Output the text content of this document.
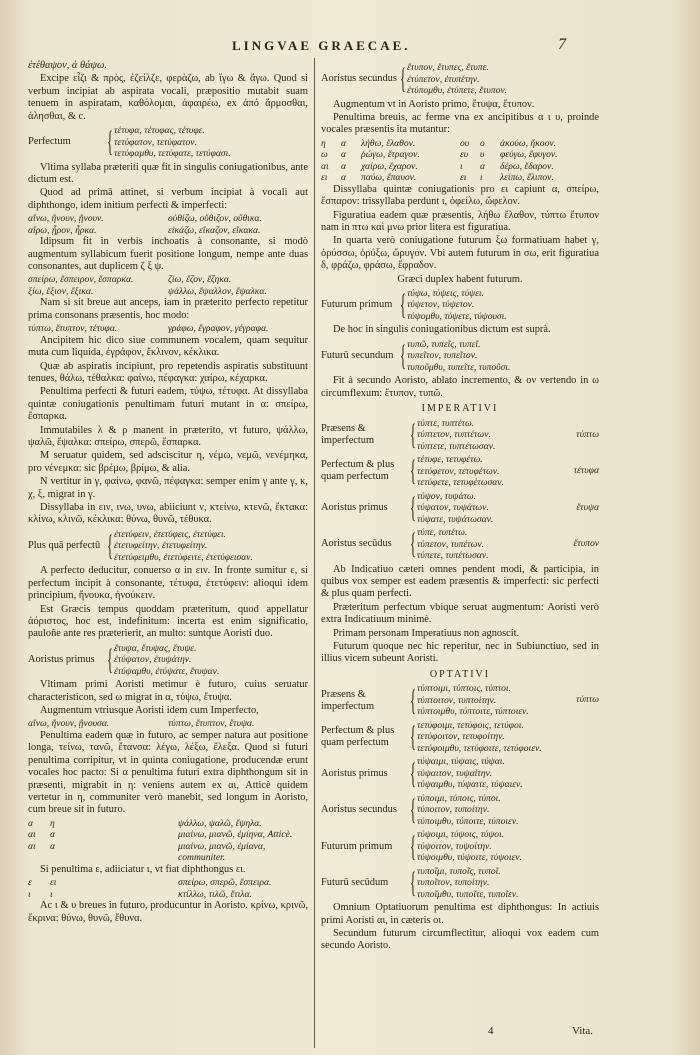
LINGVAE GRAECAE.	7

ἐτέθαψον, ἀ θάψω.

Excipe εἶζι & πρὸς, ἐζείλζε, φερὰζω, ab ἴγω & ἄγω. Quod si verbum incipiat ab aspirata vocali, præpositio mutabit suam tenuem in aspiratam, καθόλομαι, ἀφαιρέω, ex ἀπό ἅρμοσθαι, ἀλησθαι, & c.

Perfectum	{ τέτυφα, τέτυφας, τέτυφε.
τετύφατον, τετύφατον.
τετύφαμθυ, τετύφατε, τετύφασι.

Vltima syllaba præteriti quæ fit in singulis coniugationibus, ante dictum est.

Quod ad primā attinet, si verbum incipiat à vocali aut diphthongo, idem initium perfecti & imperfecti:

αἴνω, ἤνουν, ᾔνουν.	οὐθίζω, οὔθιζον, οὔθικα.
αἴρω, ᾖρον, ἦρκα.	εἰκάζω, εἴκαζον, εἴκακα.

Idipsum fit in verbis inchoatis à consonante, si modò augmentum syllabicum fuerit positione longum, nempe ante duas consonantes, aut duplicem ζ ξ ψ.

σπείρω, ἔσπειρον, ἔσπαρκα.	ζίω, ἔζον, ἔζηκα.
ξίω, ἔξιον, ἔξικα.	ψάλλω, ἔψαλλον, ἔψαλκα.

Nam si sit breue aut anceps, iam in præterito perfecto repetitur prima consonans præsentis, hoc modo:

τύπτω, ἔτυπτον, τέτυφα.	γράφω, ἔγραφον, γέγραφα.

Ancipitem hic dico siue communem vocalem, quam sequitur muta cum liquida, ἐγράφον, ἔκλινον, κέκλικα.

Quæ ab aspiratis incipiunt, pro repetendis aspiratis substituunt tenues, θάλω, τέθαλκα: φαίνω, πέφαγκα: χαίρω, κέχαρκα.

Penultima perfecti & futuri eadem, τύψω, τέτυφα. At dissyllaba quintæ coniugationis penultimam futuri mutant in α: σπείρω, ἔσπαρκα.

Immutabiles λ & ρ manent in præterito, vt futuro, ψάλλω, ψαλῶ, ἔψαλκα: σπείρω, σπερῶ, ἔσπαρκα.

M seruatur quidem, sed adsciscitur η, νέμω, νεμῶ, νενέμηκα, pro νένεμκα: sic βρέμω, βρίμω, & alia.

N vertitur in γ, φαίνω, φανῶ, πέφαγκα: semper enim γ ante γ, κ, χ, ξ, migrat in γ.

Dissyllaba in ειν, ινω, υνω, abiiciunt ν, κτείνω, κτενῶ, ἔκτακα: κλίνω, κλινῶ, κέκλικα: θύνω, θυνῶ, τέθυκα.

Plus quā perfectū { ἐτετύφειν, ἐτετύφεις, ἐτετύφει.
ἐτετυφείτην, ἐτετυφείτην.
ἐτετύφειμθυ, ἐτετύφειτε, ἐτετύφεισαν.

A perfecto deducitur, conuerso α in ειν. In fronte sumitur ε, si perfectum incipit à consonante, τέτυφα, ἐτετύφειν: alioqui idem principium, ἤνουκα, ἠνούκειν.

Est Græcis tempus quoddam præteritum, quod appellatur ἀόριστος, hoc est, indefinitum: incerta est enim significatio, pauloñe ante res præterierit, an multo: suntque Aoristi duo.

Aoristus primus { ἔτυψα, ἔτυψας, ἔτυψε.
ἐτύψατον, ἐτυψάτην.
ἐτύψαμθυ, ἐτύψατε, ἔτυψαν.

Vltimam primi Aoristi metimur è futuro, cuius seruatur characteristicon, sed ω migrat in α, τύψω, ἔτυψα.

Augmentum vtriusque Aoristi idem cum Imperfecto,

αἴνω, ἤνουν, ᾔνουσα.	τύπτω, ἔτυπτον, ἔτυψα.

Penultima eadem quæ in futuro, ac semper natura aut positione longa, τείνω, τανῶ, ἔτανσα: λέγω, λέξω, ἔλεξα. Quod si futuri penultima corripitur, vt in quinta coniugatione, producendæ erunt vocales hoc pacto: Si α penultima futuri extra diphthongum sit in præsenti, migrabit in η: veniens autem ex αι, Atticè quidem vertetur in η, communiter verò manebit, sed longum in Aoristo, cum breue sit in futuro.

α	η	ψάλλω, ψαλῶ, ἔψηλα.
αι	α	μιαίνω, μιανῶ, ἐμίηνα, Atticè.
αι	α	μιαίνω, μιανῶ, ἐμίανα, communiter.

Si penultima ε, adiiciatur ι, vt fiat diphthongus ει.

ε	ει	σπείρω, σπερῶ, ἔσπειρα.
ι	ι	κτίλλω, τιλῶ, ἔτιλα.

Ac ι & υ breues in futuro, producuntur in Aoristo. κρίνω, κρινῶ, ἔκρινα: θύνω, θυνῶ, ἔθυνα.

Aoristus secundus { ἔτυπον, ἔτυπες, ἔτυπε.
ἐτύπετον, ἐτυπέτην.
ἐτύπομθυ, ἐτύπετε, ἔτυπον.

Augmentum vt in Aoristo primo, ἔτυψα, ἔτυπον.

Penultima breuis, ac ferme vna ex ancipitibus α ι υ, proinde vocales præsentis ita mutantur:

η	α	λήθω, ἔλαθον.	ου	ο	ἀκούω, ἤκοον.
ω	α	ῥώγω, ἔτραγον.	ευ	υ	φεύγω, ἔφυγον.
αι	α	χαίρω, ἔχαρον.	ι	α	δέρω, ἔδαρον.
ει	α	παύω, ἔπαυον.	ει	ι	λείπω, ἔλιπον.

Dissyllaba quintæ coniugationis pro ει capiunt α, σπείρω, ἔσπαρον: trissyllaba perdunt ι, ὀφείλω, ὤφελον.

Figuratiua eadem quæ præsentis, λήθω ἔλαθον, τύπτω ἔτυπον nam in πτω καὶ μνω prior litera est figuratiua.

In quarta verò coniugatione futurum ξω formatiuam habet γ, ὀρύσσω, ὀρύξω, ὤρυγον. Vbi autem futurum in σω, erit figuratiua δ, φράζω, φράσω, ἔφραδον.

Græci duplex habent futurum.

Futurum primum { τύψω, τύψεις, τύψει.
τύψετον, τύψετον.
τύψομθυ, τύψετε, τύψουσι.

De hoc in singulis coniugationibus dictum est suprà.

Futurū secundum { τυπῶ, τυπεῖς, τυπεῖ.
τυπεῖτον, τυπεῖτον.
τυποῦμθυ, τυπεῖτε, τυποῦσι.

Fit à secundo Aoristo, ablato incremento, & ον vertendo in ω circumflexum: ἔτυπον, τυπῶ.

IMPERATIVI
Præsens & imperfectum	{ τύπτε, τυπτέτω.
τύπτετον, τυπτέτων.
τύπτετε, τυπτέτωσαν.
τύπτω
Perfectum & plus quam perfectum { τέτυφε, τετυφέτω.
τετύφετον, τετυφέτων.
τετύφετε, τετυφέτωσαν.
τέτυφα
Aoristus primus { τύψον, τυψάτω.
τύψατον, τυψάτων.
τύψατε, τυψάτωσαν.
ἔτυψα
Aoristus secūdus { τύπε, τυπέτω.
τύπετον, τυπέτων.
τύπετε, τυπέτωσαν.
ἔτυπον

Ab Indicatiuo cæteri omnes pendent modi, & participia, in quibus vox semper est eadem præsentis & imperfecti: sic perfecti & plus quam perfecti.

Præteritum perfectum vbique seruat augmentum: Aoristi verò extra Indicatiuum minimè.

Primam personam Imperatiuus non agnoscit.

Futurum quoque nec hic reperitur, nec in Subiunctiuo, sed in illius vicem subeunt Aoristi.

OPTATIVI
Præsens & imperfectum	{ τύπτοιμι, τύπτοις, τύπτοι.
τύπτοιτον, τυπτοίτην.
τύπτοιμθυ, τύπτοιτε, τύπτοιεν.
τύπτω
Perfectum & plus quam perfectum { τετύφοιμι, τετύφοις, τετύφοι.
τετύφοιτον, τετυφοίτην.
τετύφοιμθυ, τετύφοιτε, τετύφοιεν.
Aoristus primus { τύψαιμι, τύψαις, τύψαι.
τύψαιτον, τυψαίτην.
τύψαιμθυ, τύψαιτε, τύψαιεν.
Aoristus secundus { τύποιμι, τύποις, τύποι.
τύποιτον, τυποίτην.
τύποιμθυ, τύποιτε, τύποιεν.
Futurum primum { τύψοιμι, τύψοις, τύψοι.
τύψοιτον, τυψοίτην.
τύψοιμθυ, τύψοιτε, τύψοιεν.
Futurū secūdum { τυποῖμι, τυποῖς, τυποῖ.
τυποῖτον, τυποίτην.
τυποῖμθυ, τυποῖτε, τυποῖεν.

Omnium Optatiuorum penultima est diphthongus: In actiuis primi Aoristi αι, in cæteris οι.

Secundum futurum circumflectitur, alioqui vox eadem cum secundo Aoristo.

4	Vita.
